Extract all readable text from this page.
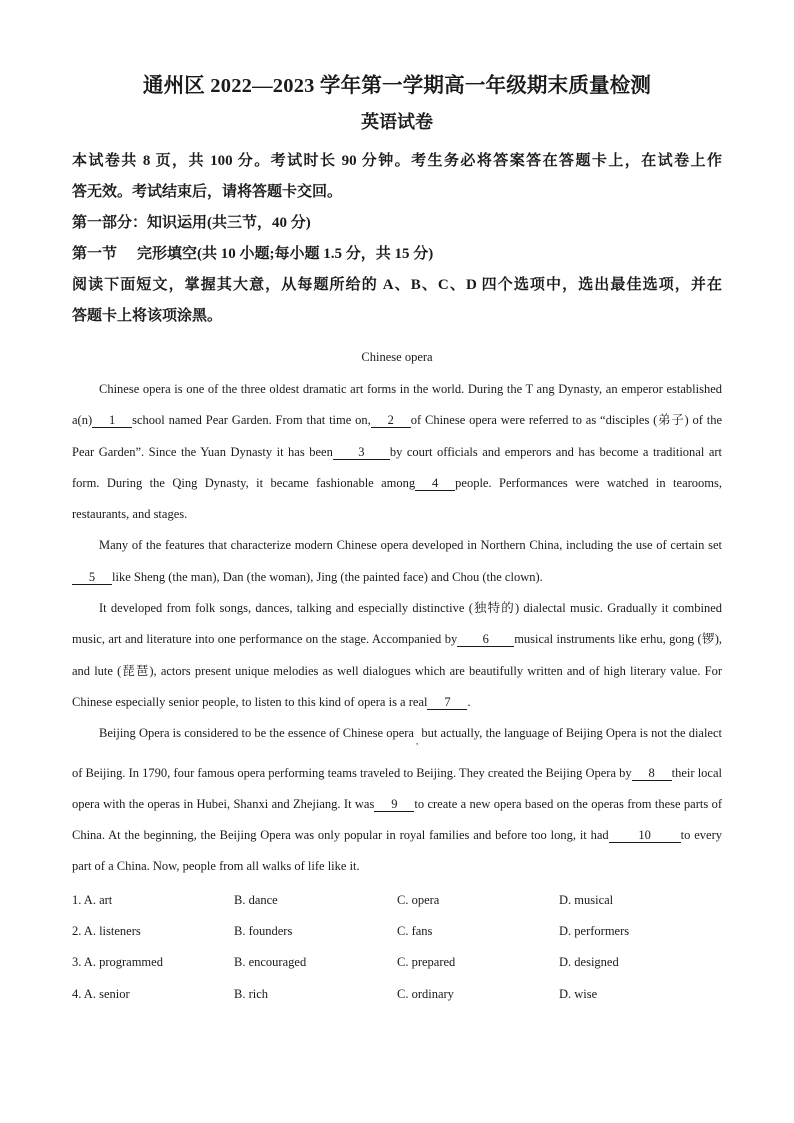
通州区 2022—2023 学年第一学期高一年级期末质量检测
英语试卷

本试卷共 8 页，共 100 分。考试时长 90 分钟。考生务必将答案答在答题卡上，在试卷上作

答无效。考试结束后，请将答题卡交回。

第一部分：知识运用(共三节，40 分)

第一节 完形填空(共 10 小题;每小题 1.5 分，共 15 分)

阅读下面短文，掌握其大意，从每题所给的 A、B、C、D 四个选项中，选出最佳选项，并在

答题卡上将该项涂黑。

Chinese opera

Chinese opera is one of the three oldest dramatic art forms in the world. During the T ang Dynasty, an emperor established a(n) 1 school named Pear Garden. From that time on, 2 of Chinese opera were referred to as “disciples (弟子) of the Pear Garden”. Since the Yuan Dynasty it has been 3 by court officials and emperors and has become a traditional art form. During the Qing Dynasty, it became fashionable among 4 people. Performances were watched in tearooms, restaurants, and stages.

Many of the features that characterize modern Chinese opera developed in Northern China, including the use of certain set5 like Sheng (the man), Dan (the woman), Jing (the painted face) and Chou (the clown).

It developed from folk songs, dances, talking and especially distinctive (独特的) dialectal music. Gradually it combined music, art and literature into one performance on the stage. Accompanied by 6 musical instruments like erhu, gong (锣), and lute (琵琶), actors present unique melodies as well dialogues which are beautifully written and of high literary value. For Chinese especially senior people, to listen to this kind of opera is a real 7 .

Beijing Opera is considered to be the essence of Chinese opera$_,$ but actually, the language of Beijing Opera is not the dialect of Beijing. In 1790, four famous opera performing teams traveled to Beijing. They created the Beijing Opera by 8 their local opera with the operas in Hubei, Shanxi and Zhejiang. It was 9 to create a new opera based on the operas from these parts of China. At the beginning, the Beijing Opera was only popular in royal families and before too long, it had 10 to every part of a China. Now, people from all walks of life like it.

1. A. art	B. dance	C. opera	D. musical
2. A. listeners	B. founders	C. fans	D. performers
3. A. programmed	B. encouraged	C. prepared	D. designed
4. A. senior	B. rich	C. ordinary	D. wise
